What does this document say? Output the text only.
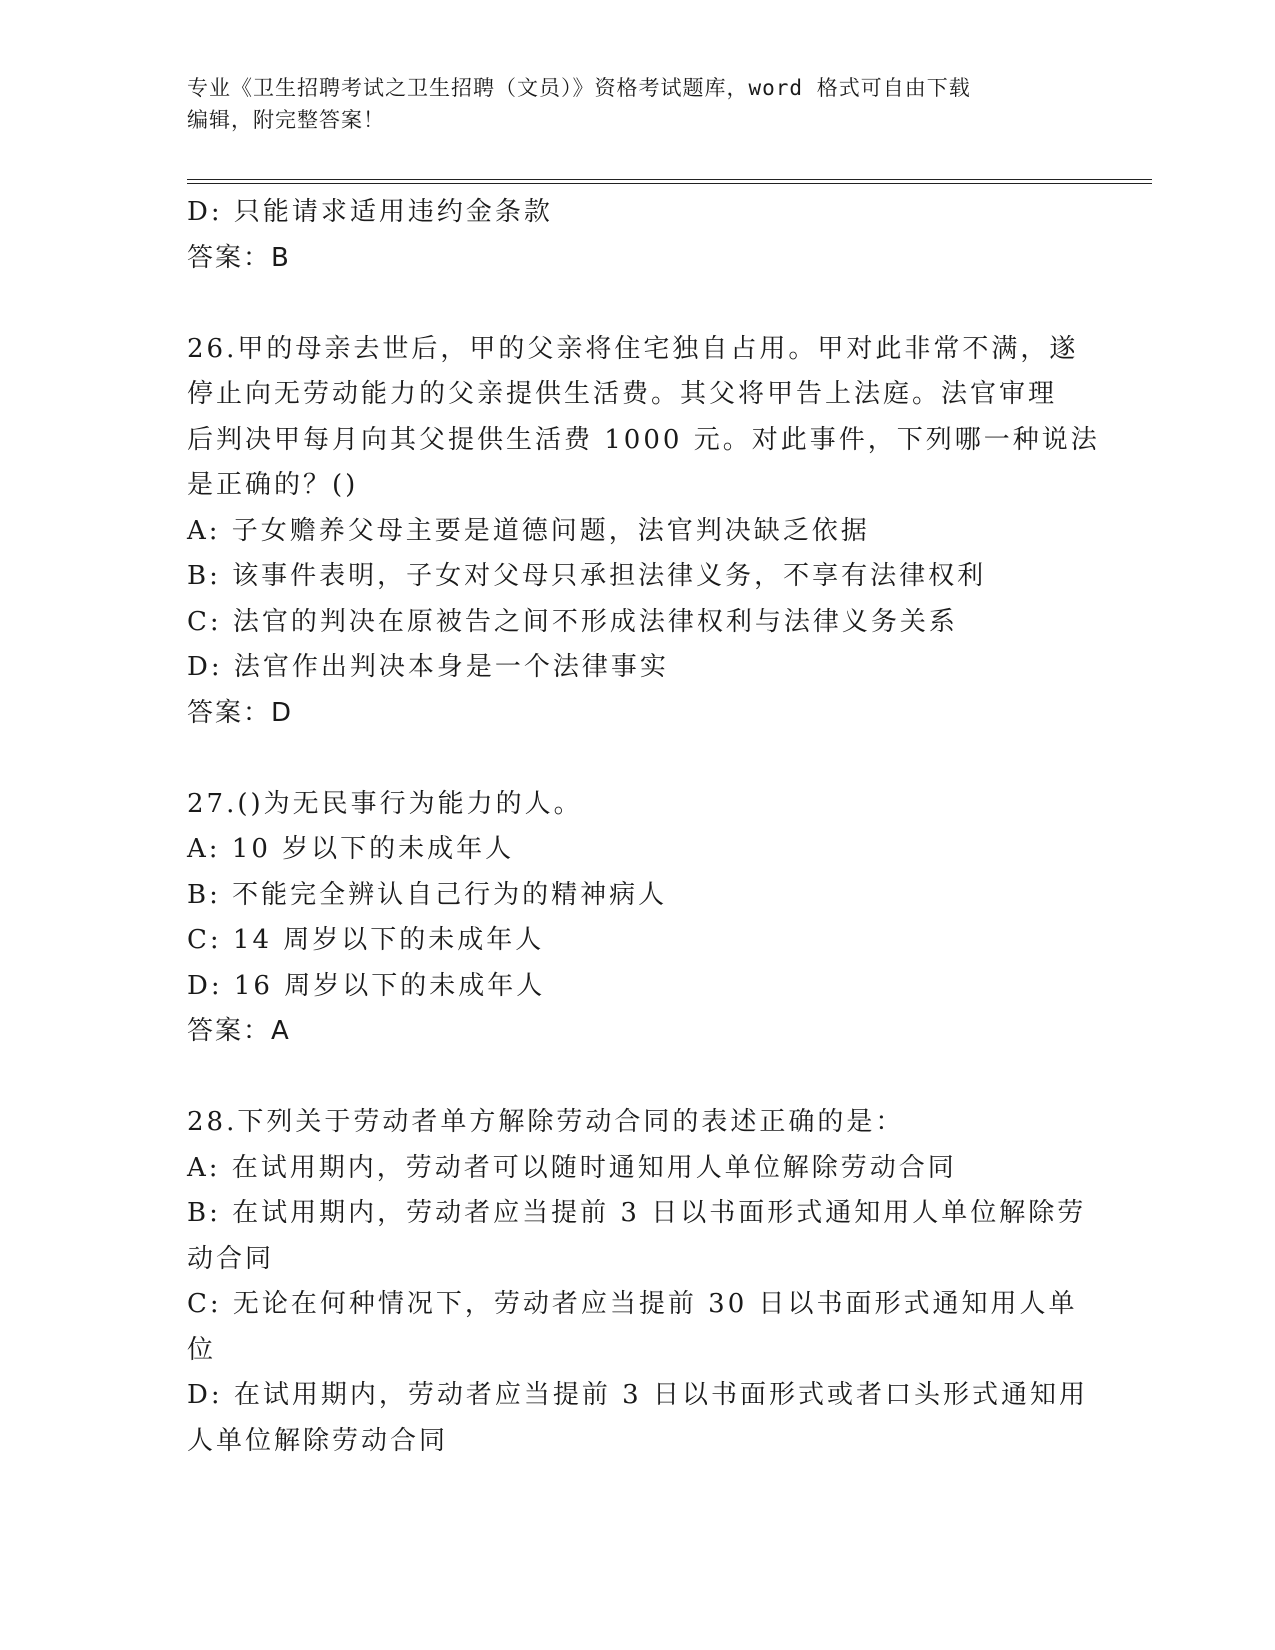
专业《卫生招聘考试之卫生招聘（文员）》资格考试题库，word 格式可自由下载
编辑，附完整答案！
D: 只能请求适用违约金条款
答案：B
26.甲的母亲去世后，甲的父亲将住宅独自占用。甲对此非常不满，遂
停止向无劳动能力的父亲提供生活费。其父将甲告上法庭。法官审理
后判决甲每月向其父提供生活费 1000 元。对此事件，下列哪一种说法
是正确的？()
A: 子女赡养父母主要是道德问题，法官判决缺乏依据
B: 该事件表明，子女对父母只承担法律义务，不享有法律权利
C: 法官的判决在原被告之间不形成法律权利与法律义务关系
D: 法官作出判决本身是一个法律事实
答案：D
27.()为无民事行为能力的人。
A: 10 岁以下的未成年人
B: 不能完全辨认自己行为的精神病人
C: 14 周岁以下的未成年人
D: 16 周岁以下的未成年人
答案：A
28.下列关于劳动者单方解除劳动合同的表述正确的是：
A: 在试用期内，劳动者可以随时通知用人单位解除劳动合同
B: 在试用期内，劳动者应当提前 3 日以书面形式通知用人单位解除劳
动合同
C: 无论在何种情况下，劳动者应当提前 30 日以书面形式通知用人单
位
D: 在试用期内，劳动者应当提前 3 日以书面形式或者口头形式通知用
人单位解除劳动合同
